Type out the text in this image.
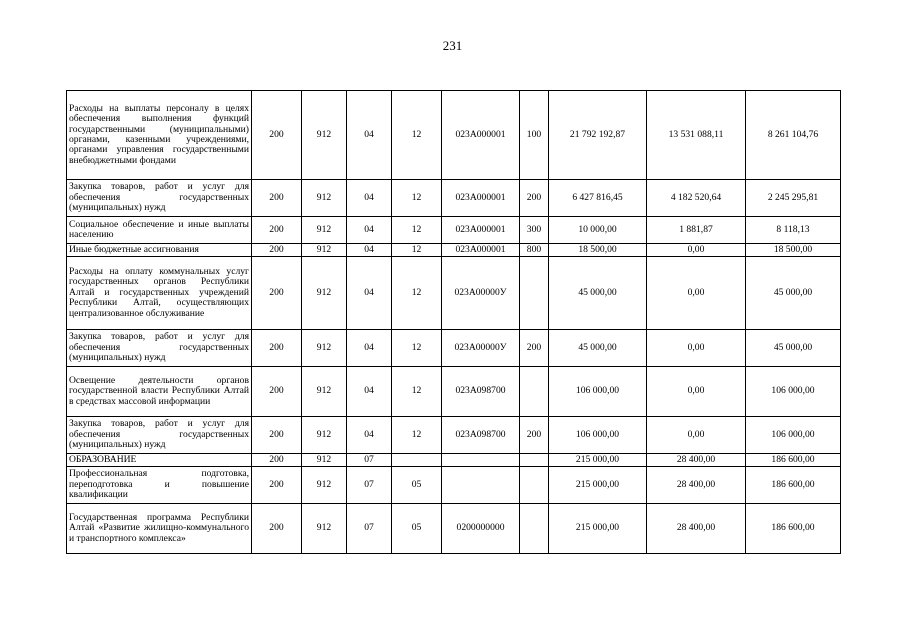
231
Расходы на выплаты персоналу в целях обеспечения выполнения функций государственными (муниципальными) органами, казенными учреждениями, органами управления государственными внебюджетными фондами	200	912	04	12	023A000001	100	21 792 192,87	13 531 088,11	8 261 104,76
Закупка товаров, работ и услуг для обеспечения государственных (муниципальных) нужд	200	912	04	12	023A000001	200	6 427 816,45	4 182 520,64	2 245 295,81
Социальное обеспечение и иные выплаты населению	200	912	04	12	023A000001	300	10 000,00	1 881,87	8 118,13
Иные бюджетные ассигнования	200	912	04	12	023A000001	800	18 500,00	0,00	18 500,00
Расходы на оплату коммунальных услуг государственных органов Республики Алтай и государственных учреждений Республики Алтай, осуществляющих централизованное обслуживание	200	912	04	12	023A00000У		45 000,00	0,00	45 000,00
Закупка товаров, работ и услуг для обеспечения государственных (муниципальных) нужд	200	912	04	12	023A00000У	200	45 000,00	0,00	45 000,00
Освещение деятельности органов государственной власти Республики Алтай в средствах массовой информации	200	912	04	12	023A098700		106 000,00	0,00	106 000,00
Закупка товаров, работ и услуг для обеспечения государственных (муниципальных) нужд	200	912	04	12	023A098700	200	106 000,00	0,00	106 000,00
ОБРАЗОВАНИЕ	200	912	07				215 000,00	28 400,00	186 600,00
Профессиональная подготовка, переподготовка и повышение квалификации	200	912	07	05			215 000,00	28 400,00	186 600,00
Государственная программа Республики Алтай «Развитие жилищно-коммунального и транспортного комплекса»	200	912	07	05	0200000000		215 000,00	28 400,00	186 600,00
